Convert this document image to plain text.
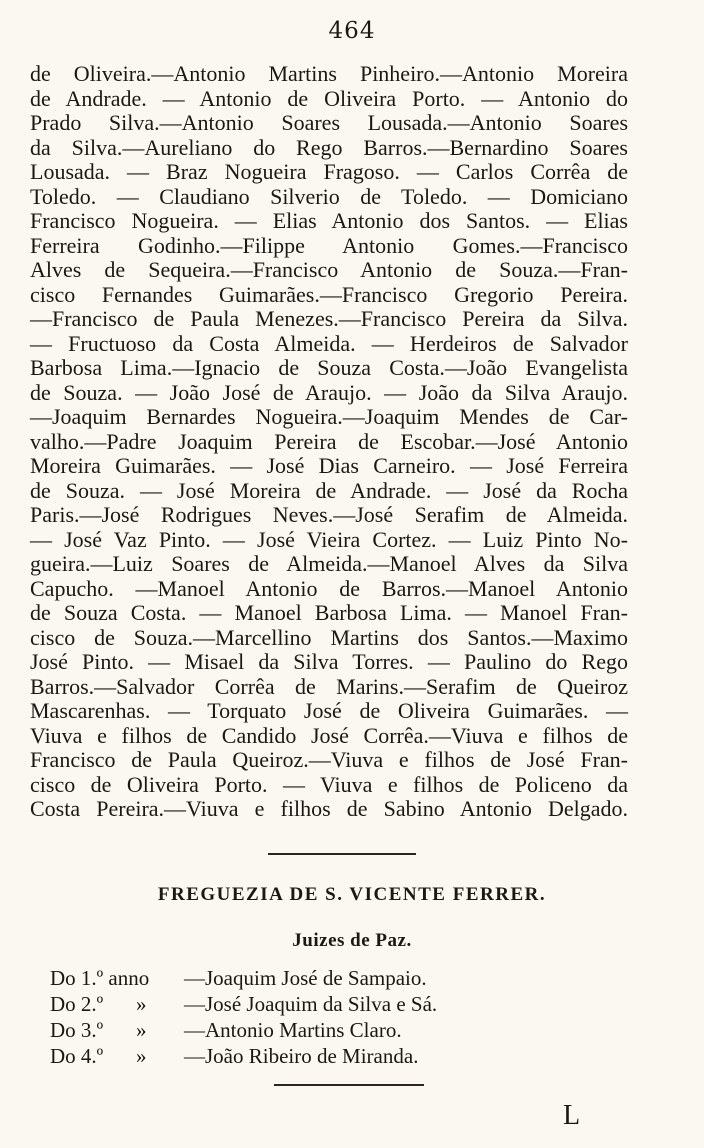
464
de Oliveira.—Antonio Martins Pinheiro.—Antonio Moreira
de Andrade. — Antonio de Oliveira Porto. — Antonio do
Prado Silva.—Antonio Soares Lousada.—Antonio Soares
da Silva.—Aureliano do Rego Barros.—Bernardino Soares
Lousada. — Braz Nogueira Fragoso. — Carlos Corrêa de
Toledo. — Claudiano Silverio de Toledo. — Domiciano
Francisco Nogueira. — Elias Antonio dos Santos. — Elias
Ferreira Godinho.—Filippe Antonio Gomes.—Francisco
Alves de Sequeira.—Francisco Antonio de Souza.—Fran-
cisco Fernandes Guimarães.—Francisco Gregorio Pereira.
—Francisco de Paula Menezes.—Francisco Pereira da Silva.
— Fructuoso da Costa Almeida. — Herdeiros de Salvador
Barbosa Lima.—Ignacio de Souza Costa.—João Evangelista
de Souza. — João José de Araujo. — João da Silva Araujo.
—Joaquim Bernardes Nogueira.—Joaquim Mendes de Car-
valho.—Padre Joaquim Pereira de Escobar.—José Antonio
Moreira Guimarães. — José Dias Carneiro. — José Ferreira
de Souza. — José Moreira de Andrade. — José da Rocha
Paris.—José Rodrigues Neves.—José Serafim de Almeida.
— José Vaz Pinto. — José Vieira Cortez. — Luiz Pinto No-
gueira.—Luiz Soares de Almeida.—Manoel Alves da Silva
Capucho. —Manoel Antonio de Barros.—Manoel Antonio
de Souza Costa. — Manoel Barbosa Lima. — Manoel Fran-
cisco de Souza.—Marcellino Martins dos Santos.—Maximo
José Pinto. — Misael da Silva Torres. — Paulino do Rego
Barros.—Salvador Corrêa de Marins.—Serafim de Queiroz
Mascarenhas. — Torquato José de Oliveira Guimarães. —
Viuva e filhos de Candido José Corrêa.—Viuva e filhos de
Francisco de Paula Queiroz.—Viuva e filhos de José Fran-
cisco de Oliveira Porto. — Viuva e filhos de Policeno da
Costa Pereira.—Viuva e filhos de Sabino Antonio Delgado.
FREGUEZIA DE S. VICENTE FERRER.
Juizes de Paz.
Do 1.º anno —Joaquim José de Sampaio.
Do 2.º » —José Joaquim da Silva e Sá.
Do 3.º » —Antonio Martins Claro.
Do 4.º » —João Ribeiro de Miranda.
L
